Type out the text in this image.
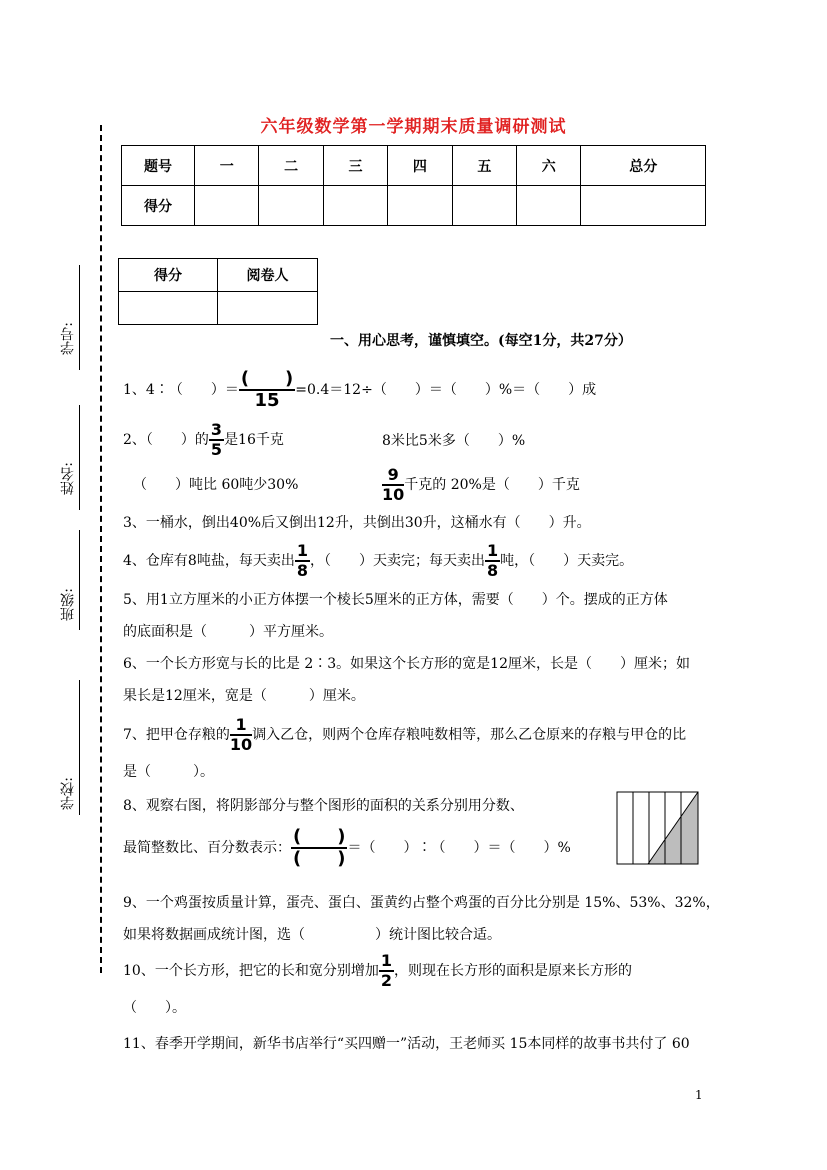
六年级数学第一学期期末质量调研测试
题号	一	二	三	四	五	六	总分
得分							
得分	阅卷人

学号:
姓名:
班级:
学校:
一、用心思考，谨慎填空。(每空1分，共27分）
1、4∶（　　）＝ $\frac{( )}{15} =0.4=12\div$（　　）＝（　　）%＝（　　）成
2、（　　）的 $\frac{3}{5}$ 是16千克	8米比5米多（　　）%
（　　）吨比 60吨少30%	$\frac{9}{10}$ 千克的 20%是（　　）千克
3、一桶水，倒出40%后又倒出12升，共倒出30升，这桶水有（　　）升。
4、仓库有8吨盐，每天卖出 $\frac{1}{8}$ ，（　　）天卖完；每天卖出 $\frac{1}{8}$ 吨，（　　）天卖完。
5、用1立方厘米的小正方体摆一个棱长5厘米的正方体，需要（　　）个。摆成的正方体
的底面积是（　　　）平方厘米。
6、一个长方形宽与长的比是 2∶3。如果这个长方形的宽是12厘米，长是（　　）厘米；如
果长是12厘米，宽是（　　　）厘米。
7、把甲仓存粮的 $\frac{1}{10}$ 调入乙仓，则两个仓库存粮吨数相等，那么乙仓原来的存粮与甲仓的比
是（　　　）。
8、观察右图，将阴影部分与整个图形的面积的关系分别用分数、
最简整数比、百分数表示： $\frac{( )}{( )}$ ＝（　　）∶（　　）＝（　　）%
9、一个鸡蛋按质量计算，蛋壳、蛋白、蛋黄约占整个鸡蛋的百分比分别是 15%、53%、32%，
如果将数据画成统计图，选（　　　　　）统计图比较合适。
10、一个长方形，把它的长和宽分别增加 $\frac{1}{2}$ ，则现在长方形的面积是原来长方形的
（　　）。
11、春季开学期间，新华书店举行“买四赠一”活动，王老师买 15本同样的故事书共付了 60
1
